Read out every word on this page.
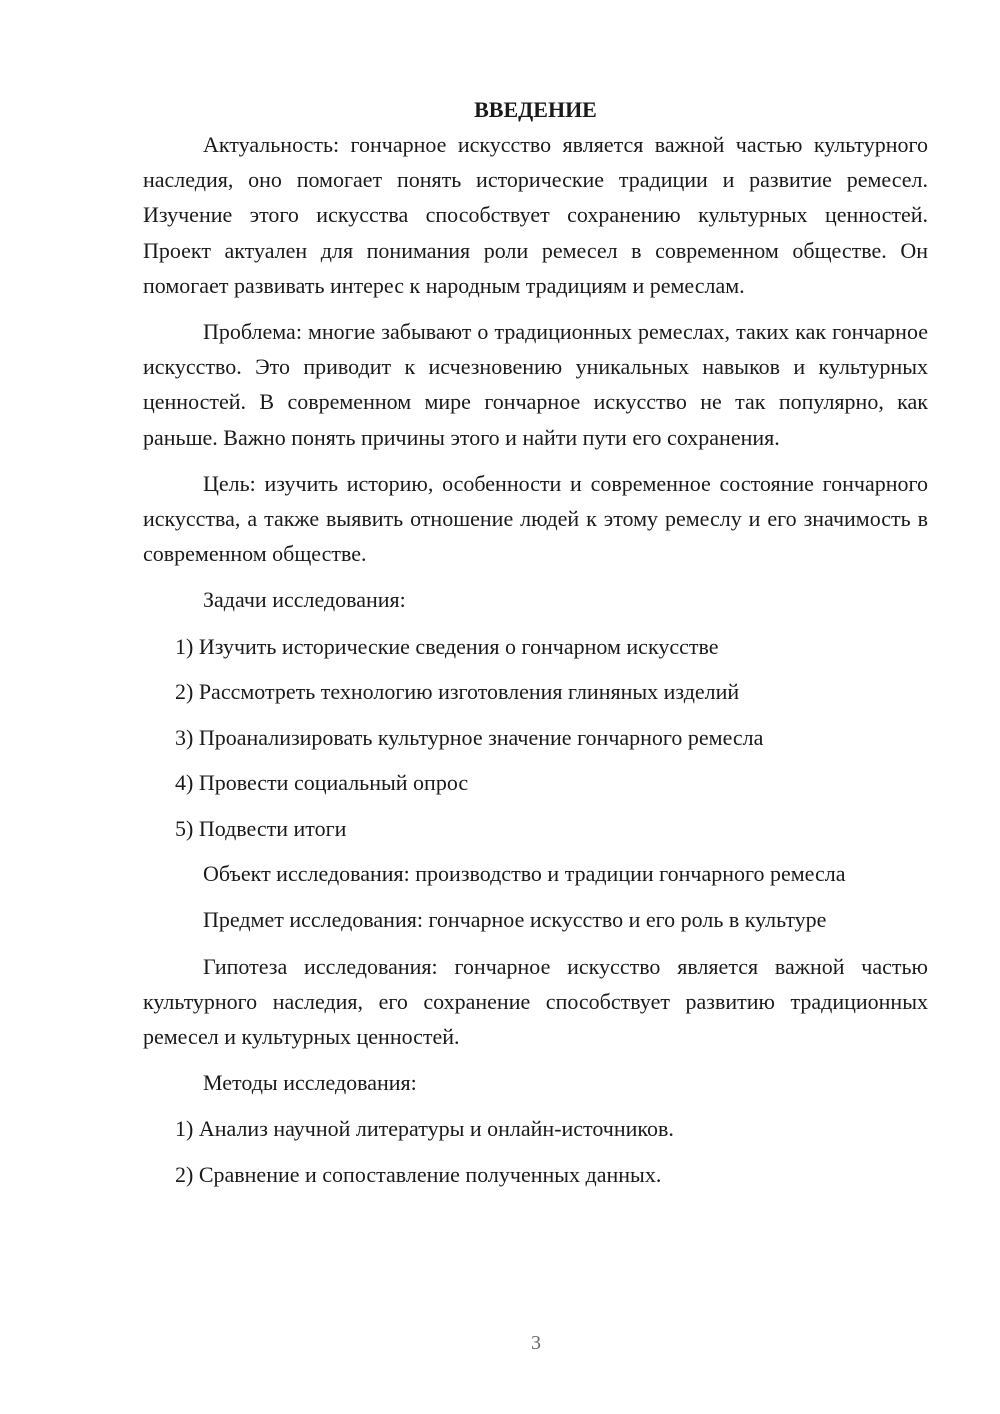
ВВЕДЕНИЕ

Актуальность: гончарное искусство является важной частью культурного наследия, оно помогает понять исторические традиции и развитие ремесел. Изучение этого искусства способствует сохранению культурных ценностей. Проект актуален для понимания роли ремесел в современном обществе. Он помогает развивать интерес к народным традициям и ремеслам.

Проблема: многие забывают о традиционных ремеслах, таких как гончарное искусство. Это приводит к исчезновению уникальных навыков и культурных ценностей. В современном мире гончарное искусство не так популярно, как раньше. Важно понять причины этого и найти пути его сохранения.

Цель: изучить историю, особенности и современное состояние гончарного искусства, а также выявить отношение людей к этому ремеслу и его значимость в современном обществе.

Задачи исследования:

1) Изучить исторические сведения о гончарном искусстве
2) Рассмотреть технологию изготовления глиняных изделий
3) Проанализировать культурное значение гончарного ремесла
4) Провести социальный опрос
5) Подвести итоги

Объект исследования: производство и традиции гончарного ремесла

Предмет исследования: гончарное искусство и его роль в культуре

Гипотеза исследования: гончарное искусство является важной частью культурного наследия, его сохранение способствует развитию традиционных ремесел и культурных ценностей.

Методы исследования:

1) Анализ научной литературы и онлайн-источников.
2) Сравнение и сопоставление полученных данных.
3
